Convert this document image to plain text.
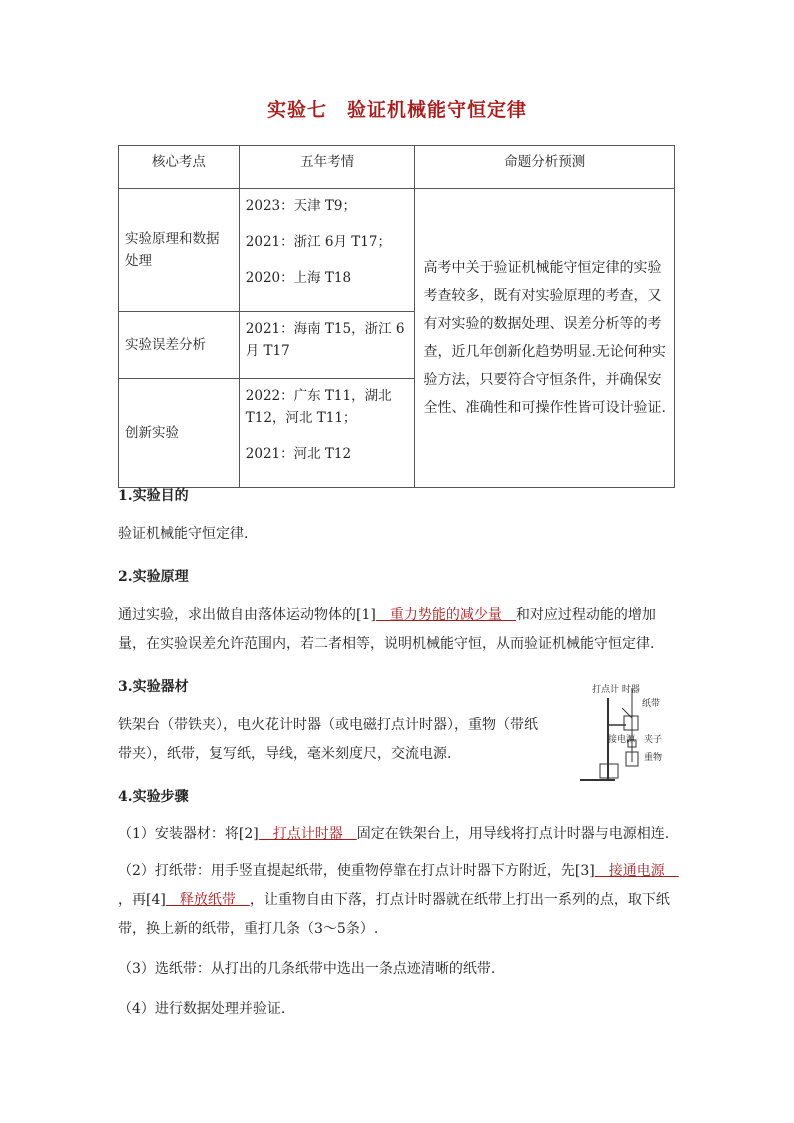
实验七　验证机械能守恒定律
核心考点	五年考情	命题分析预测
实验原理和数据处理	2023：天津 T9；

2021：浙江 6月 T17；

2020：上海 T18	高考中关于验证机械能守恒定律的实验考查较多，既有对实验原理的考查，又有对实验的数据处理、误差分析等的考查，近几年创新化趋势明显.无论何种实验方法，只要符合守恒条件，并确保安全性、准确性和可操作性皆可设计验证.
实验误差分析	2021：海南 T15，浙江 6月 T17	

创新实验	2022：广东 T11，湖北 T12，河北 T11；

2021：河北 T12	

1.实验目的
验证机械能守恒定律.
2.实验原理
通过实验，求出做自由落体运动物体的[1]　重力势能的减少量　和对应过程动能的增加量，在实验误差允许范围内，若二者相等，说明机械能守恒，从而验证机械能守恒定律.
3.实验器材
铁架台（带铁夹），电火花计时器（或电磁打点计时器），重物（带纸带夹），纸带，复写纸，导线，毫米刻度尺，交流电源.
打点计 时器
纸带
接电源 夹子
重物
4.实验步骤
（1）安装器材：将[2]　打点计时器　固定在铁架台上，用导线将打点计时器与电源相连.
（2）打纸带：用手竖直提起纸带，使重物停靠在打点计时器下方附近，先[3]　接通电源　，再[4]　释放纸带　，让重物自由下落，打点计时器就在纸带上打出一系列的点，取下纸带，换上新的纸带，重打几条（3～5条）.
（3）选纸带：从打出的几条纸带中选出一条点迹清晰的纸带.
（4）进行数据处理并验证.
